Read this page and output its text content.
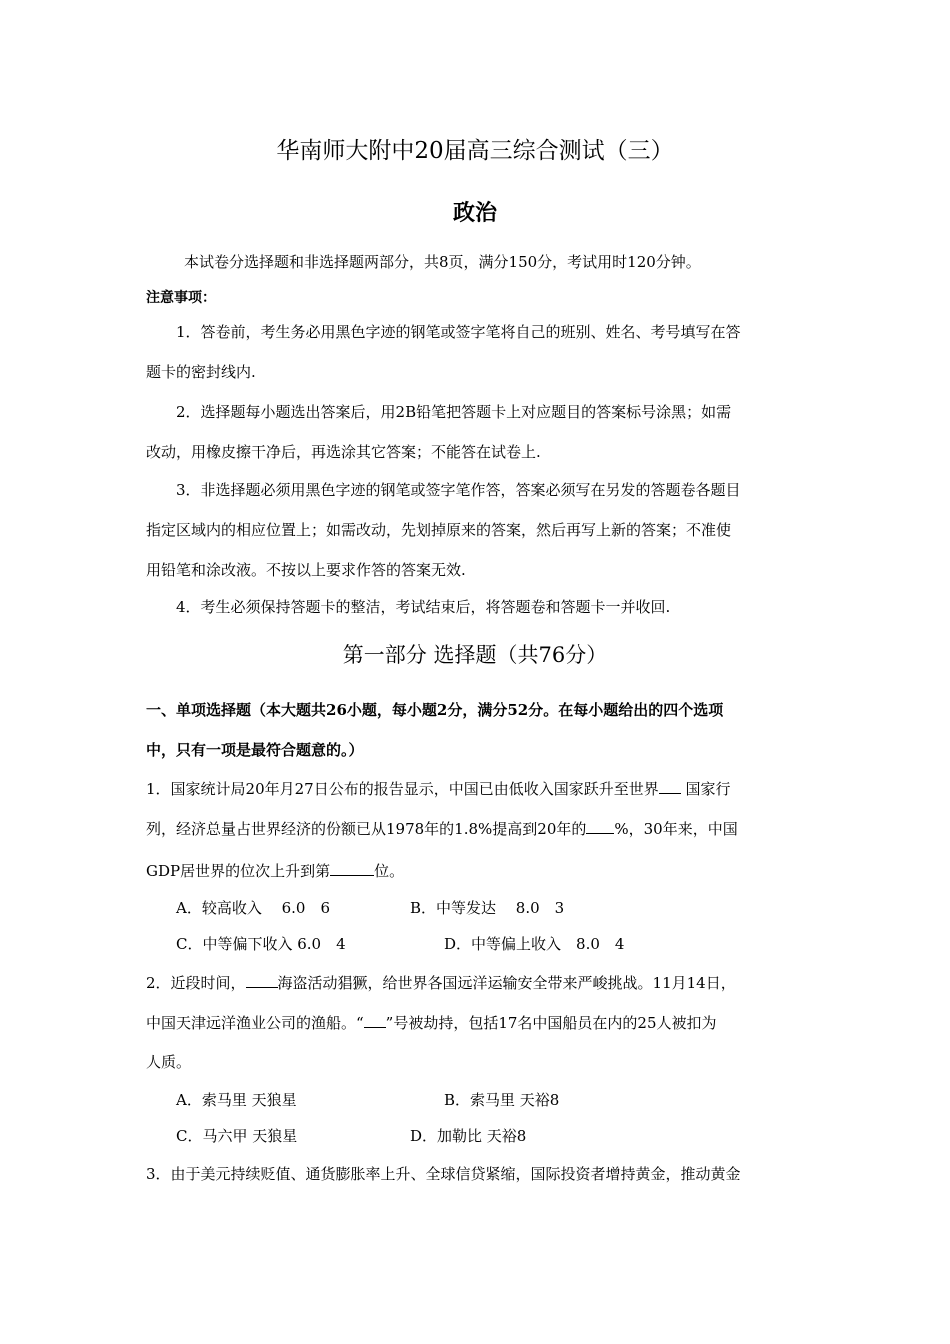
华南师大附中20届高三综合测试（三）
政治
本试卷分选择题和非选择题两部分，共8页，满分150分，考试用时120分钟。
注意事项：
1．答卷前，考生务必用黑色字迹的钢笔或签字笔将自己的班别、姓名、考号填写在答
题卡的密封线内.
2．选择题每小题选出答案后，用2B铅笔把答题卡上对应题目的答案标号涂黑；如需
改动，用橡皮擦干净后，再选涂其它答案；不能答在试卷上.
3．非选择题必须用黑色字迹的钢笔或签字笔作答，答案必须写在另发的答题卷各题目
指定区域内的相应位置上；如需改动，先划掉原来的答案，然后再写上新的答案；不准使
用铅笔和涂改液。不按以上要求作答的答案无效.
4．考生必须保持答题卡的整洁，考试结束后，将答题卷和答题卡一并收回.
第一部分 选择题（共76分）
一、单项选择题（本大题共26小题，每小题2分，满分52分。在每小题给出的四个选项
中，只有一项是最符合题意的。）
1．国家统计局20年月27日公布的报告显示，中国已由低收入国家跃升至世界 国家行
列，经济总量占世界经济的份额已从1978年的1.8%提高到20年的 %，30年来，中国
GDP居世界的位次上升到第	位。
A．较高收入　 6.0　6	B．中等发达　 8.0　3
C．中等偏下收入 6.0　4	D．中等偏上收入　8.0　4
2．近段时间， 海盗活动猖獗，给世界各国远洋运输安全带来严峻挑战。11月14日，
中国天津远洋渔业公司的渔船。“ ”号被劫持，包括17名中国船员在内的25人被扣为
人质。
A．索马里 天狼星	B．索马里 天裕8
C．马六甲 天狼星	D．加勒比 天裕8
3．由于美元持续贬值、通货膨胀率上升、全球信贷紧缩，国际投资者增持黄金，推动黄金
